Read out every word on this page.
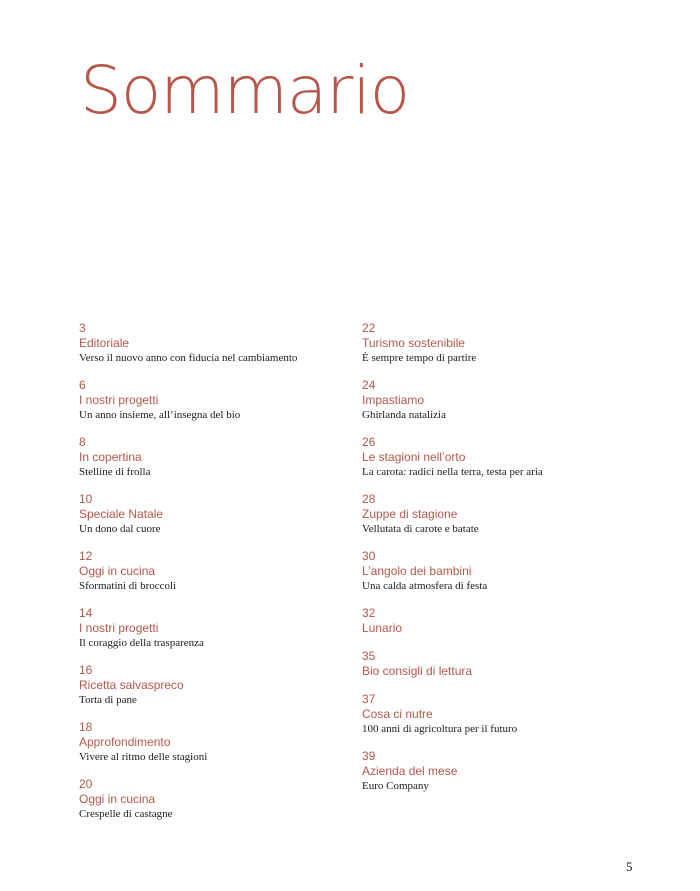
Sommario
3
Editoriale
Verso il nuovo anno con fiducia nel cambiamento
6
I nostri progetti
Un anno insieme, all’insegna del bio
8
In copertina
Stelline di frolla
10
Speciale Natale
Un dono dal cuore
12
Oggi in cucina
Sformatini di broccoli
14
I nostri progetti
Il coraggio della trasparenza
16
Ricetta salvaspreco
Torta di pane
18
Approfondimento
Vivere al ritmo delle stagioni
20
Oggi in cucina
Crespelle di castagne
22
Turismo sostenibile
È sempre tempo di partire
24
Impastiamo
Ghirlanda natalizia
26
Le stagioni nell’orto
La carota: radici nella terra, testa per aria
28
Zuppe di stagione
Vellutata di carote e batate
30
L’angolo dei bambini
Una calda atmosfera di festa
32
Lunario
35
Bio consigli di lettura
37
Cosa ci nutre
100 anni di agricoltura per il futuro
39
Azienda del mese
Euro Company
5
